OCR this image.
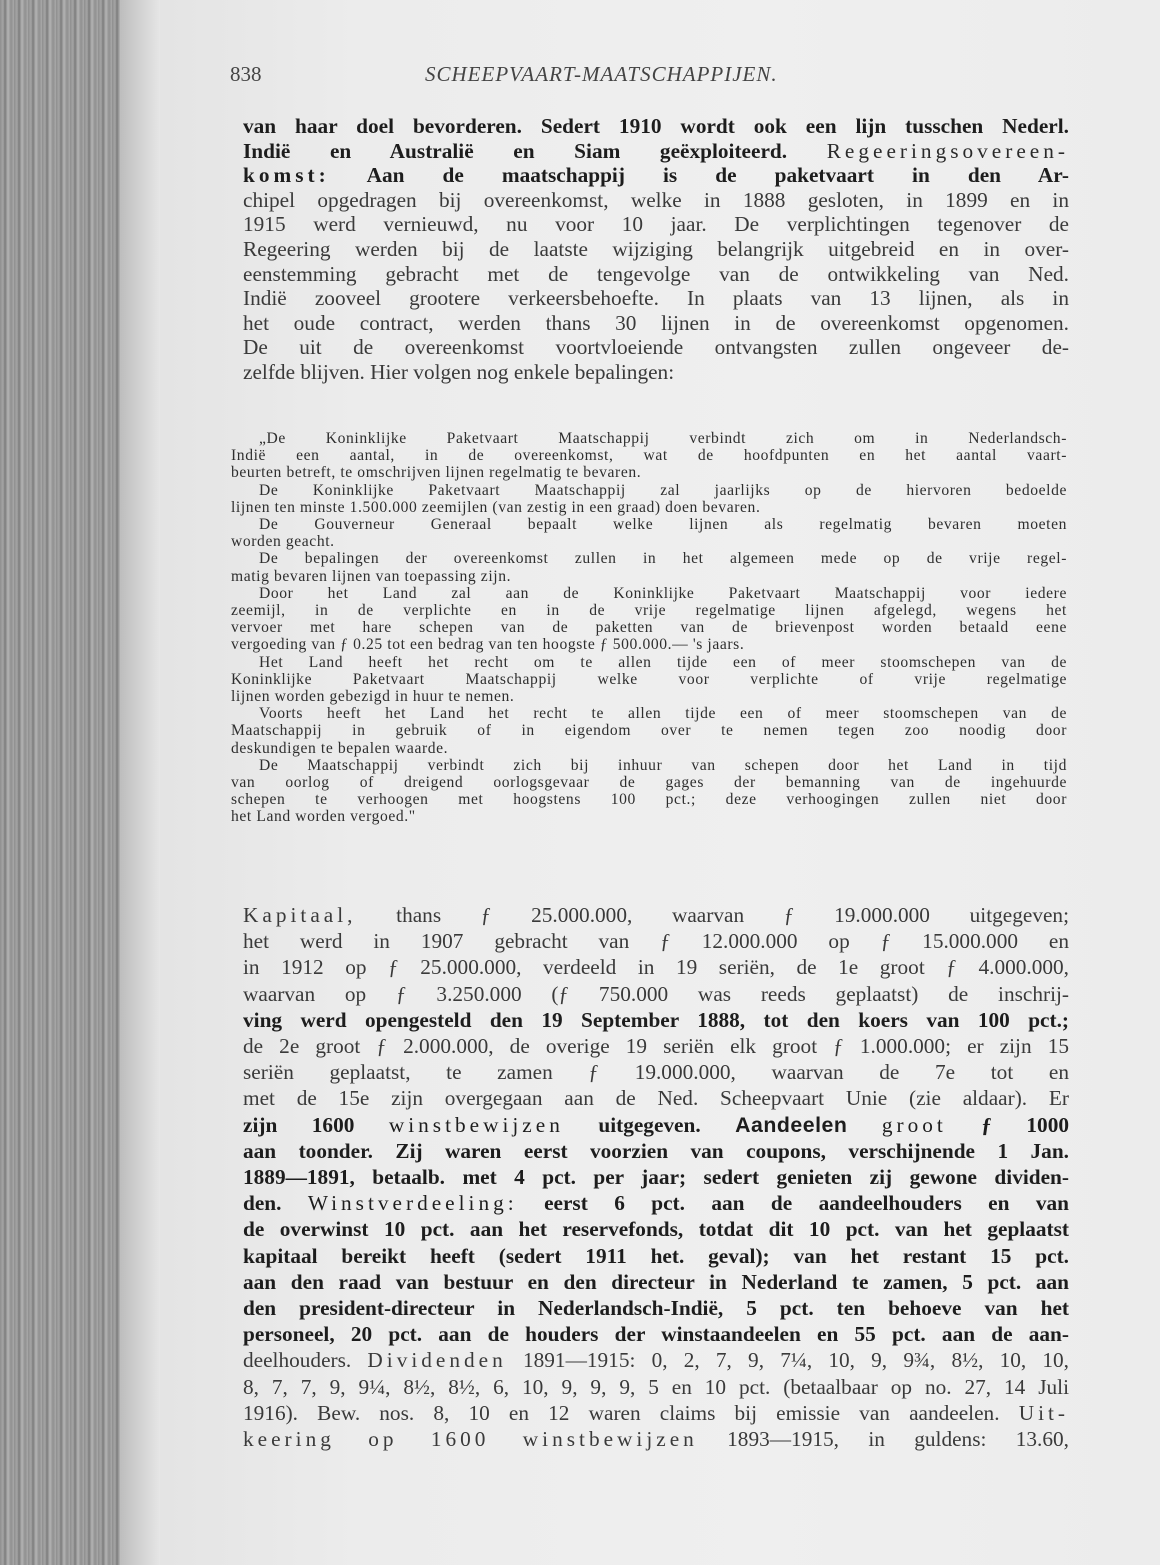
838	SCHEEPVAART-MAATSCHAPPIJEN.
van haar doel bevorderen. Sedert 1910 wordt ook een lijn tusschen Nederl.
Indië en Australië en Siam geëxploiteerd. Regeeringsovereen-
komst: Aan de maatschappij is de paketvaart in den Ar-
chipel opgedragen bij overeenkomst, welke in 1888 gesloten, in 1899 en in
1915 werd vernieuwd, nu voor 10 jaar. De verplichtingen tegenover de
Regeering werden bij de laatste wijziging belangrijk uitgebreid en in over-
eenstemming gebracht met de tengevolge van de ontwikkeling van Ned.
Indië zooveel grootere verkeersbehoefte. In plaats van 13 lijnen, als in
het oude contract, werden thans 30 lijnen in de overeenkomst opgenomen.
De uit de overeenkomst voortvloeiende ontvangsten zullen ongeveer de-
zelfde blijven. Hier volgen nog enkele bepalingen:

„De Koninklijke Paketvaart Maatschappij verbindt zich om in Nederlandsch-
Indië een aantal, in de overeenkomst, wat de hoofdpunten en het aantal vaart-
beurten betreft, te omschrijven lijnen regelmatig te bevaren.

De Koninklijke Paketvaart Maatschappij zal jaarlijks op de hiervoren bedoelde
lijnen ten minste 1.500.000 zeemijlen (van zestig in een graad) doen bevaren.

De Gouverneur Generaal bepaalt welke lijnen als regelmatig bevaren moeten
worden geacht.

De bepalingen der overeenkomst zullen in het algemeen mede op de vrije regel-
matig bevaren lijnen van toepassing zijn.

Door het Land zal aan de Koninklijke Paketvaart Maatschappij voor iedere
zeemijl, in de verplichte en in de vrije regelmatige lijnen afgelegd, wegens het
vervoer met hare schepen van de paketten van de brievenpost worden betaald eene
vergoeding van ƒ 0.25 tot een bedrag van ten hoogste ƒ 500.000.— 's jaars.

Het Land heeft het recht om te allen tijde een of meer stoomschepen van de
Koninklijke Paketvaart Maatschappij welke voor verplichte of vrije regelmatige
lijnen worden gebezigd in huur te nemen.

Voorts heeft het Land het recht te allen tijde een of meer stoomschepen van de
Maatschappij in gebruik of in eigendom over te nemen tegen zoo noodig door
deskundigen te bepalen waarde.

De Maatschappij verbindt zich bij inhuur van schepen door het Land in tijd
van oorlog of dreigend oorlogsgevaar de gages der bemanning van de ingehuurde
schepen te verhoogen met hoogstens 100 pct.; deze verhoogingen zullen niet door
het Land worden vergoed."

Kapitaal, thans ƒ 25.000.000, waarvan ƒ 19.000.000 uitgegeven;
het werd in 1907 gebracht van ƒ 12.000.000 op ƒ 15.000.000 en
in 1912 op ƒ 25.000.000, verdeeld in 19 seriën, de 1e groot ƒ 4.000.000,
waarvan op ƒ 3.250.000 (ƒ 750.000 was reeds geplaatst) de inschrij-
ving werd opengesteld den 19 September 1888, tot den koers van 100 pct.;
de 2e groot ƒ 2.000.000, de overige 19 seriën elk groot ƒ 1.000.000; er zijn 15
seriën geplaatst, te zamen ƒ 19.000.000, waarvan de 7e tot en
met de 15e zijn overgegaan aan de Ned. Scheepvaart Unie (zie aldaar). Er
zijn 1600 winstbewijzen uitgegeven. Aandeelen groot ƒ 1000
aan toonder. Zij waren eerst voorzien van coupons, verschijnende 1 Jan.
1889—1891, betaalb. met 4 pct. per jaar; sedert genieten zij gewone dividen-
den. Winstverdeeling: eerst 6 pct. aan de aandeelhouders en van
de overwinst 10 pct. aan het reservefonds, totdat dit 10 pct. van het geplaatst
kapitaal bereikt heeft (sedert 1911 het. geval); van het restant 15 pct.
aan den raad van bestuur en den directeur in Nederland te zamen, 5 pct. aan
den president-directeur in Nederlandsch-Indië, 5 pct. ten behoeve van het
personeel, 20 pct. aan de houders der winstaandeelen en 55 pct. aan de aan-
deelhouders. Dividenden 1891—1915: 0, 2, 7, 9, 7¼, 10, 9, 9¾, 8½, 10, 10,
8, 7, 7, 9, 9¼, 8½, 8½, 6, 10, 9, 9, 9, 5 en 10 pct. (betaalbaar op no. 27, 14 Juli
1916). Bew. nos. 8, 10 en 12 waren claims bij emissie van aandeelen. Uit-
keering op 1600 winstbewijzen 1893—1915, in guldens: 13.60,
